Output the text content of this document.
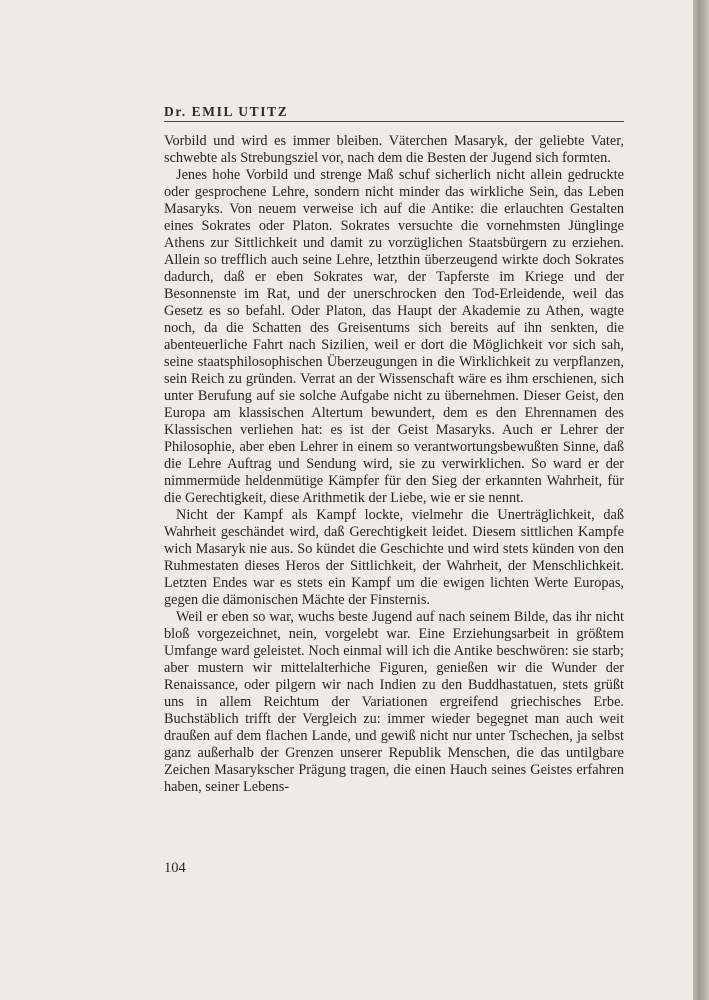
Dr. EMIL UTITZ

Vorbild und wird es immer bleiben. Väterchen Masaryk, der geliebte Vater, schwebte als Strebungsziel vor, nach dem die Besten der Jugend sich formten.

Jenes hohe Vorbild und strenge Maß schuf sicherlich nicht allein gedruckte oder gesprochene Lehre, sondern nicht minder das wirkliche Sein, das Leben Masaryks. Von neuem verweise ich auf die Antike: die erlauchten Gestalten eines Sokrates oder Platon. Sokrates versuchte die vornehmsten Jünglinge Athens zur Sittlichkeit und damit zu vorzüglichen Staatsbürgern zu erziehen. Allein so trefflich auch seine Lehre, letzthin überzeugend wirkte doch Sokrates dadurch, daß er eben Sokrates war, der Tapferste im Kriege und der Besonnenste im Rat, und der unerschrocken den Tod-Erleidende, weil das Gesetz es so befahl. Oder Platon, das Haupt der Akademie zu Athen, wagte noch, da die Schatten des Greisentums sich bereits auf ihn senkten, die abenteuerliche Fahrt nach Sizilien, weil er dort die Möglichkeit vor sich sah, seine staatsphilosophischen Überzeugungen in die Wirklichkeit zu verpflanzen, sein Reich zu gründen. Verrat an der Wissenschaft wäre es ihm erschienen, sich unter Berufung auf sie solche Aufgabe nicht zu übernehmen. Dieser Geist, den Europa am klassischen Altertum bewundert, dem es den Ehrennamen des Klassischen verliehen hat: es ist der Geist Masaryks. Auch er Lehrer der Philosophie, aber eben Lehrer in einem so verantwortungsbewußten Sinne, daß die Lehre Auftrag und Sendung wird, sie zu verwirklichen. So ward er der nimmermüde heldenmütige Kämpfer für den Sieg der erkannten Wahrheit, für die Gerechtigkeit, diese Arithmetik der Liebe, wie er sie nennt.

Nicht der Kampf als Kampf lockte, vielmehr die Unerträglichkeit, daß Wahrheit geschändet wird, daß Gerechtigkeit leidet. Diesem sittlichen Kampfe wich Masaryk nie aus. So kündet die Geschichte und wird stets künden von den Ruhmestaten dieses Heros der Sittlichkeit, der Wahrheit, der Menschlichkeit. Letzten Endes war es stets ein Kampf um die ewigen lichten Werte Europas, gegen die dämonischen Mächte der Finsternis.

Weil er eben so war, wuchs beste Jugend auf nach seinem Bilde, das ihr nicht bloß vorgezeichnet, nein, vorgelebt war. Eine Erziehungsarbeit in größtem Umfange ward geleistet. Noch einmal will ich die Antike beschwören: sie starb; aber mustern wir mittelalterhiche Figuren, genießen wir die Wunder der Renaissance, oder pilgern wir nach Indien zu den Buddhastatuen, stets grüßt uns in allem Reichtum der Variationen ergreifend griechisches Erbe. Buchstäblich trifft der Vergleich zu: immer wieder begegnet man auch weit draußen auf dem flachen Lande, und gewiß nicht nur unter Tschechen, ja selbst ganz außerhalb der Grenzen unserer Republik Menschen, die das untilgbare Zeichen Masarykscher Prägung tragen, die einen Hauch seines Geistes erfahren haben, seiner Lebens-

104
